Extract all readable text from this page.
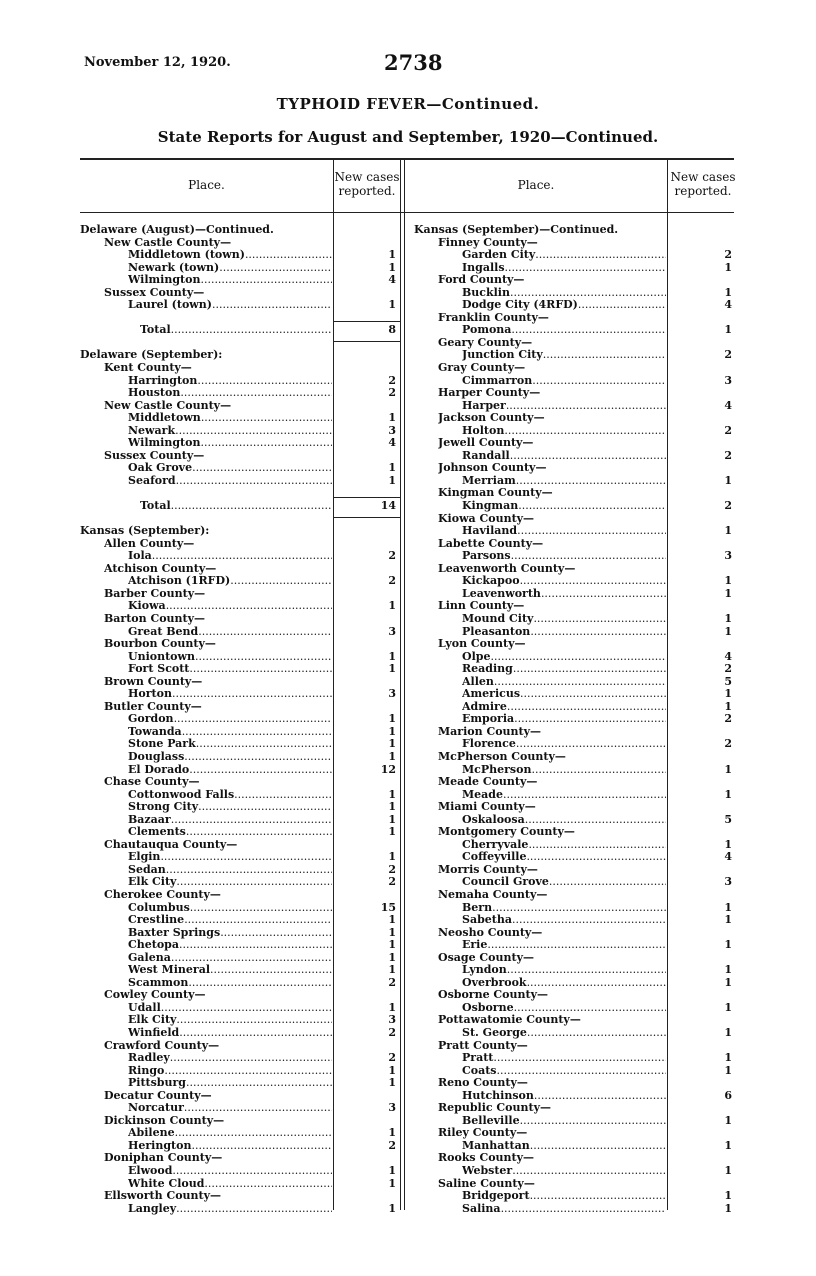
November 12, 1920.	2738
TYPHOID FEVER—Continued.
State Reports for August and September, 1920—Continued.
Place.
New cases reported.	Place.
New cases reported.
Delaware (August)—Continued.
New Castle County—
Middletown (town) .....	1
Newark (town) .....	1
Wilmington .....	4
Sussex County—
Laurel (town) .....	1
Total .....	8
Delaware (September):
Kent County—
Harrington .....	2
Houston .....	2
New Castle County—
Middletown .....	1
Newark .....	3
Wilmington .....	4
Sussex County—
Oak Grove .....	1
Seaford .....	1
Total .....	14
Kansas (September):
Allen County—
Iola .....	2
Atchison County—
Atchison (1RFD) .....	2
Barber County—
Kiowa .....	1
Barton County—
Great Bend .....	3
Bourbon County—
Uniontown .....	1
Fort Scott .....	1
Brown County—
Horton .....	3
Butler County—
Gordon .....	1
Towanda .....	1
Stone Park .....	1
Douglass .....	1
El Dorado .....	12
Chase County—
Cottonwood Falls .....	1
Strong City .....	1
Bazaar .....	1
Clements .....	1
Chautauqua County—
Elgin .....	1
Sedan .....	2
Elk City .....	2
Cherokee County—
Columbus .....	15
Crestline .....	1
Baxter Springs .....	1
Chetopa .....	1
Galena .....	1
West Mineral .....	1
Scammon .....	2
Cowley County—
Udall .....	1
Elk City .....	3
Winfield .....	2
Crawford County—
Radley .....	2
Ringo .....	1
Pittsburg .....	1
Decatur County—
Norcatur .....	3
Dickinson County—
Abilene .....	1
Herington .....	2
Doniphan County—
Elwood .....	1
White Cloud .....	1
Ellsworth County—
Langley .....	1
Kansas (September)—Continued.
Finney County—
Garden City .....	2
Ingalls .....	1
Ford County—
Bucklin .....	1
Dodge City (4RFD) .....	4
Franklin County—
Pomona .....	1
Geary County—
Junction City .....	2
Gray County—
Cimmarron .....	3
Harper County—
Harper .....	4
Jackson County—
Holton .....	2
Jewell County—
Randall .....	2
Johnson County—
Merriam .....	1
Kingman County—
Kingman .....	2
Kiowa County—
Haviland .....	1
Labette County—
Parsons .....	3
Leavenworth County—
Kickapoo .....	1
Leavenworth .....	1
Linn County—
Mound City .....	1
Pleasanton .....	1
Lyon County—
Olpe .....	4
Reading .....	2
Allen .....	5
Americus .....	1
Admire .....	1
Emporia .....	2
Marion County—
Florence .....	2
McPherson County—
McPherson .....	1
Meade County—
Meade .....	1
Miami County—
Oskaloosa .....	5
Montgomery County—
Cherryvale .....	1
Coffeyville .....	4
Morris County—
Council Grove .....	3
Nemaha County—
Bern .....	1
Sabetha .....	1
Neosho County—
Erie .....	1
Osage County—
Lyndon .....	1
Overbrook .....	1
Osborne County—
Osborne .....	1
Pottawatomie County—
St. George .....	1
Pratt County—
Pratt .....	1
Coats .....	1
Reno County—
Hutchinson .....	6
Republic County—
Belleville .....	1
Riley County—
Manhattan .....	1
Rooks County—
Webster .....	1
Saline County—
Bridgeport .....	1
Salina .....	1
